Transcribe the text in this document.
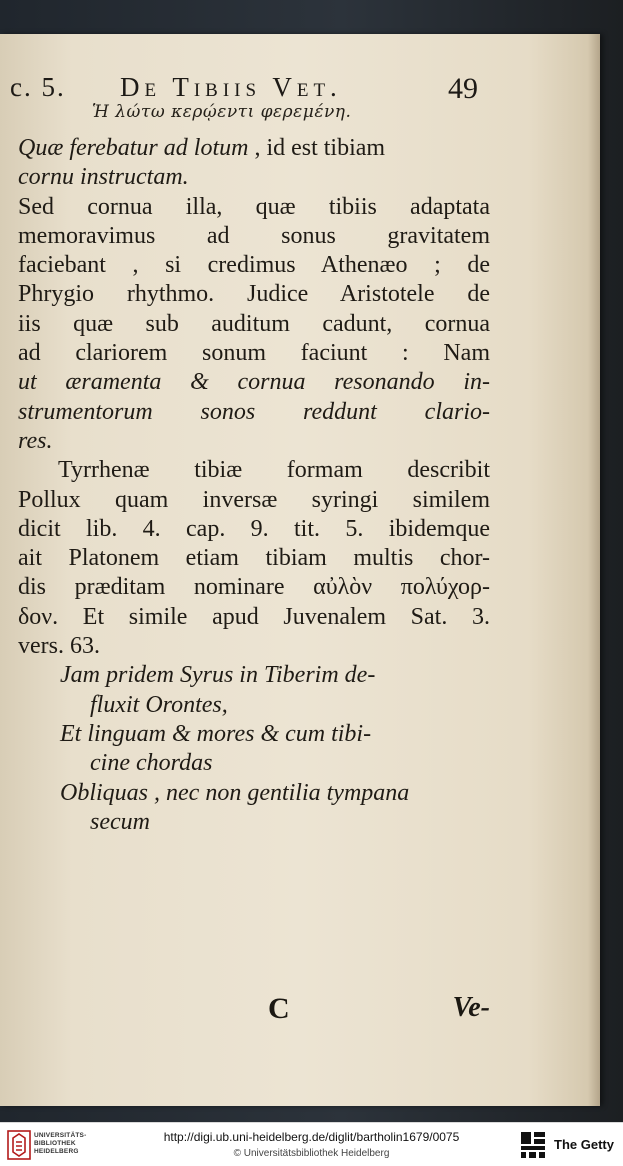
c. 5. De Tibiis Vet.	49
Ἡ λώτω κερῴεντι φερεμένη.
Quæ ferebatur ad lotum , id est tibiam
cornu instructam.
Sed cornua illa, quæ tibiis adaptata
memoravimus ad sonus gravitatem
faciebant , si credimus Athenæo ; de
Phrygio rhythmo. Judice Aristotele de
iis quæ sub auditum cadunt, cornua
ad clariorem sonum faciunt : Nam
ut æramenta & cornua resonando in-
strumentorum sonos reddunt clario-
res.
Tyrrhenæ tibiæ formam describit
Pollux quam inversæ syringi similem
dicit lib. 4. cap. 9. tit. 5. ibidemque
ait Platonem etiam tibiam multis chor-
dis præditam nominare αὐλὸν πολύχορ-
δον. Et simile apud Juvenalem Sat. 3.
vers. 63.
Jam pridem Syrus in Tiberim de-
fluxit Orontes,
Et linguam & mores & cum tibi-
cine chordas
Obliquas , nec non gentilia tympana
secum
C	Ve-
UNIVERSITÄTS-
BIBLIOTHEK
HEIDELBERG
http://digi.ub.uni-heidelberg.de/diglit/bartholin1679/0075
© Universitätsbibliothek Heidelberg
The Getty
